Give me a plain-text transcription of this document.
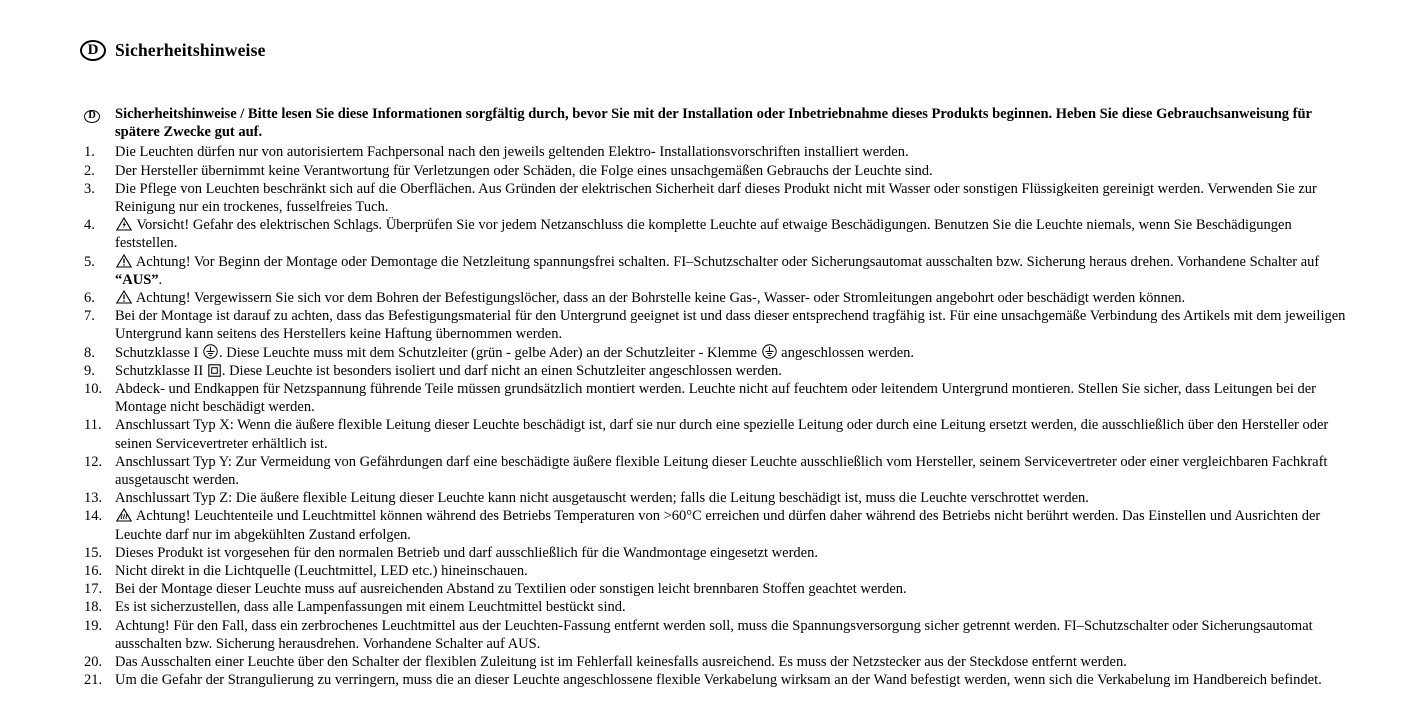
D Sicherheitshinweise
D	Sicherheitshinweise / Bitte lesen Sie diese Informationen sorgfältig durch, bevor Sie mit der Installation oder Inbetriebnahme dieses Produkts beginnen. Heben Sie diese Gebrauchsanweisung für spätere Zwecke gut auf.

1.	Die Leuchten dürfen nur von autorisiertem Fachpersonal nach den jeweils geltenden Elektro- Installationsvorschriften installiert werden.
2.	Der Hersteller übernimmt keine Verantwortung für Verletzungen oder Schäden, die Folge eines unsachgemäßen Gebrauchs der Leuchte sind.
3.	Die Pflege von Leuchten beschränkt sich auf die Oberflächen. Aus Gründen der elektrischen Sicherheit darf dieses Produkt nicht mit Wasser oder sonstigen Flüssigkeiten gereinigt werden. Verwenden Sie zur Reinigung nur ein trockenes, fusselfreies Tuch.
4.	Vorsicht! Gefahr des elektrischen Schlags. Überprüfen Sie vor jedem Netzanschluss die komplette Leuchte auf etwaige Beschädigungen. Benutzen Sie die Leuchte niemals, wenn Sie Beschädigungen feststellen.
5.	Achtung! Vor Beginn der Montage oder Demontage die Netzleitung spannungsfrei schalten. FI–Schutzschalter oder Sicherungsautomat ausschalten bzw. Sicherung heraus drehen. Vorhandene Schalter auf “AUS”.
6.	Achtung! Vergewissern Sie sich vor dem Bohren der Befestigungslöcher, dass an der Bohrstelle keine Gas-, Wasser- oder Stromleitungen angebohrt oder beschädigt werden können.
7.	Bei der Montage ist darauf zu achten, dass das Befestigungsmaterial für den Untergrund geeignet ist und dass dieser entsprechend tragfähig ist. Für eine unsachgemäße Verbindung des Artikels mit dem jeweiligen Untergrund kann seitens des Herstellers keine Haftung übernommen werden.
8.	Schutzklasse I . Diese Leuchte muss mit dem Schutzleiter (grün - gelbe Ader) an der Schutzleiter - Klemme  angeschlossen werden.
9.	Schutzklasse II . Diese Leuchte ist besonders isoliert und darf nicht an einen Schutzleiter angeschlossen werden.
10. Abdeck- und Endkappen für Netzspannung führende Teile müssen grundsätzlich montiert werden. Leuchte nicht auf feuchtem oder leitendem Untergrund montieren. Stellen Sie sicher, dass Leitungen bei der Montage nicht beschädigt werden.
11. Anschlussart Typ X: Wenn die äußere flexible Leitung dieser Leuchte beschädigt ist, darf sie nur durch eine spezielle Leitung oder durch eine Leitung ersetzt werden, die ausschließlich über den Hersteller oder seinen Servicevertreter erhältlich ist.
12. Anschlussart Typ Y: Zur Vermeidung von Gefährdungen darf eine beschädigte äußere flexible Leitung dieser Leuchte ausschließlich vom Hersteller, seinem Servicevertreter oder einer vergleichbaren Fachkraft ausgetauscht werden.
13. Anschlussart Typ Z: Die äußere flexible Leitung dieser Leuchte kann nicht ausgetauscht werden; falls die Leitung beschädigt ist, muss die Leuchte verschrottet werden.
14.	Achtung! Leuchtenteile und Leuchtmittel können während des Betriebs Temperaturen von >60°C erreichen und dürfen daher während des Betriebs nicht berührt werden. Das Einstellen und Ausrichten der Leuchte darf nur im abgekühlten Zustand erfolgen.
15. Dieses Produkt ist vorgesehen für den normalen Betrieb und darf ausschließlich für die Wandmontage eingesetzt werden.
16. Nicht direkt in die Lichtquelle (Leuchtmittel, LED etc.) hineinschauen.
17. Bei der Montage dieser Leuchte muss auf ausreichenden Abstand zu Textilien oder sonstigen leicht brennbaren Stoffen geachtet werden.
18. Es ist sicherzustellen, dass alle Lampenfassungen mit einem Leuchtmittel bestückt sind.
19. Achtung! Für den Fall, dass ein zerbrochenes Leuchtmittel aus der Leuchten-Fassung entfernt werden soll, muss die Spannungsversorgung sicher getrennt werden. FI–Schutzschalter oder Sicherungsautomat ausschalten bzw. Sicherung herausdrehen. Vorhandene Schalter auf AUS.
20. Das Ausschalten einer Leuchte über den Schalter der flexiblen Zuleitung ist im Fehlerfall keinesfalls ausreichend. Es muss der Netzstecker aus der Steckdose entfernt werden.
21. Um die Gefahr der Strangulierung zu verringern, muss die an dieser Leuchte angeschlossene flexible Verkabelung wirksam an der Wand befestigt werden, wenn sich die Verkabelung im Handbereich befindet.
